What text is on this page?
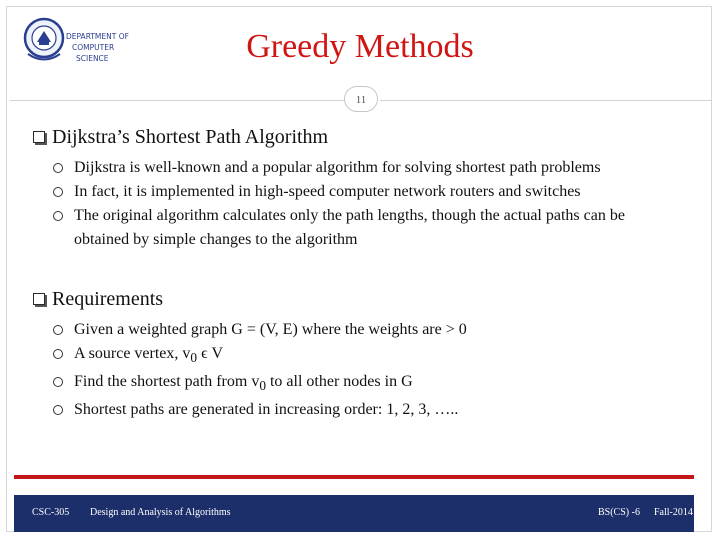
DEPARTMENT OF
COMPUTER
SCIENCE	Greedy Methods
11
Dijkstra’s Shortest Path Algorithm
Dijkstra is well-known and a popular algorithm for solving shortest path problems
In fact, it is implemented in high-speed computer network routers and switches
The original algorithm calculates only the path lengths, though the actual paths can be obtained by simple changes to the algorithm
Requirements
Given a weighted graph G = (V, E) where the weights are > 0
A source vertex, $v_0$ ϵ V
Find the shortest path from $v_0$ to all other nodes in G
Shortest paths are generated in increasing order: 1, 2, 3, …..
CSC-305 Design and Analysis of Algorithms	BS(CS) -6 Fall-2014
